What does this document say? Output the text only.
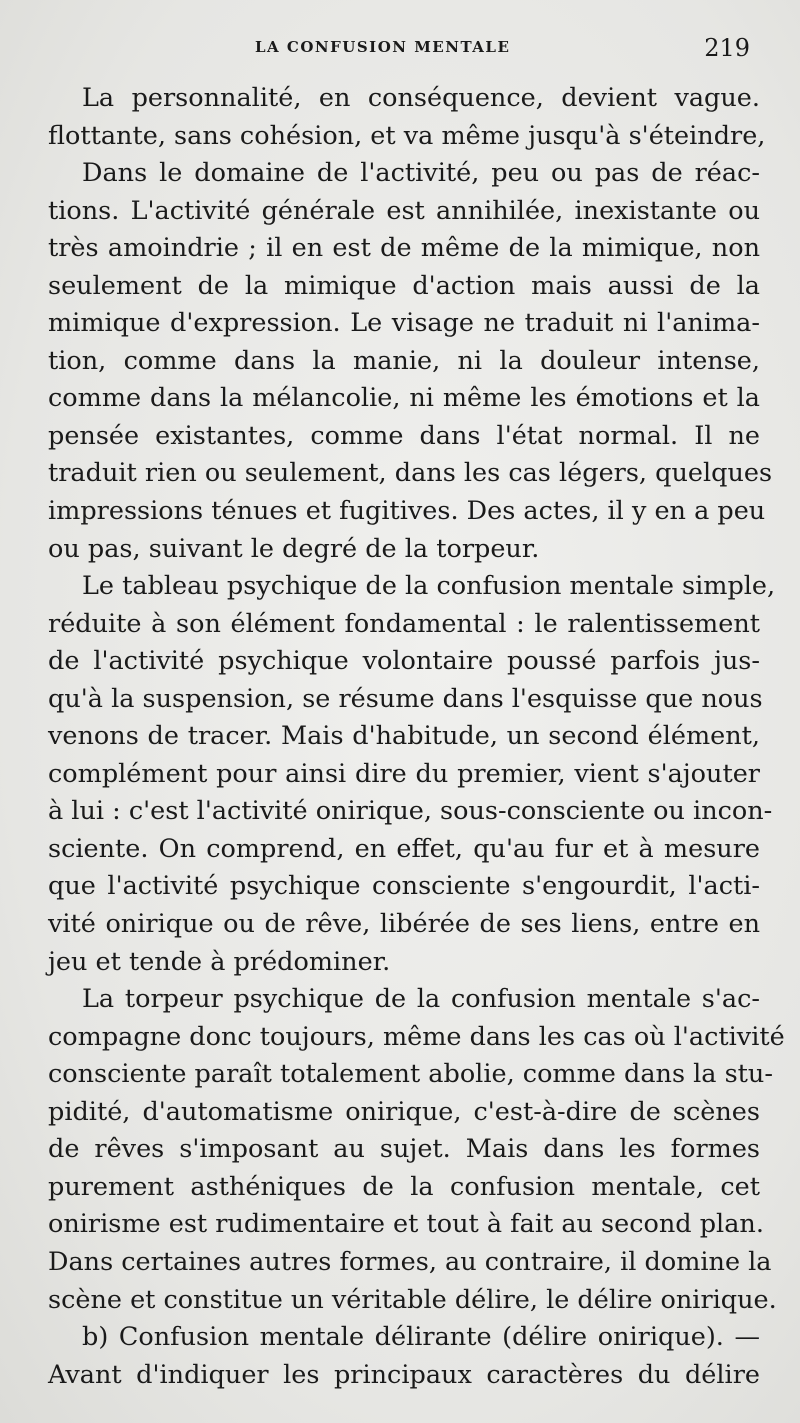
LA CONFUSION MENTALE	219
La personnalité, en conséquence, devient vague.
flottante, sans cohésion, et va même jusqu'à s'éteindre,
Dans le domaine de l'activité, peu ou pas de réac-
tions. L'activité générale est annihilée, inexistante ou
très amoindrie ; il en est de même de la mimique, non
seulement de la mimique d'action mais aussi de la
mimique d'expression. Le visage ne traduit ni l'anima-
tion, comme dans la manie, ni la douleur intense,
comme dans la mélancolie, ni même les émotions et la
pensée existantes, comme dans l'état normal. Il ne
traduit rien ou seulement, dans les cas légers, quelques
impressions ténues et fugitives. Des actes, il y en a peu
ou pas, suivant le degré de la torpeur.
Le tableau psychique de la confusion mentale simple,
réduite à son élément fondamental : le ralentissement
de l'activité psychique volontaire poussé parfois jus-
qu'à la suspension, se résume dans l'esquisse que nous
venons de tracer. Mais d'habitude, un second élément,
complément pour ainsi dire du premier, vient s'ajouter
à lui : c'est l'activité onirique, sous-consciente ou incon-
sciente. On comprend, en effet, qu'au fur et à mesure
que l'activité psychique consciente s'engourdit, l'acti-
vité onirique ou de rêve, libérée de ses liens, entre en
jeu et tende à prédominer.
La torpeur psychique de la confusion mentale s'ac-
compagne donc toujours, même dans les cas où l'activité
consciente paraît totalement abolie, comme dans la stu-
pidité, d'automatisme onirique, c'est-à-dire de scènes
de rêves s'imposant au sujet. Mais dans les formes
purement asthéniques de la confusion mentale, cet
onirisme est rudimentaire et tout à fait au second plan.
Dans certaines autres formes, au contraire, il domine la
scène et constitue un véritable délire, le délire onirique.
b) Confusion mentale délirante (délire onirique). —
Avant d'indiquer les principaux caractères du délire
